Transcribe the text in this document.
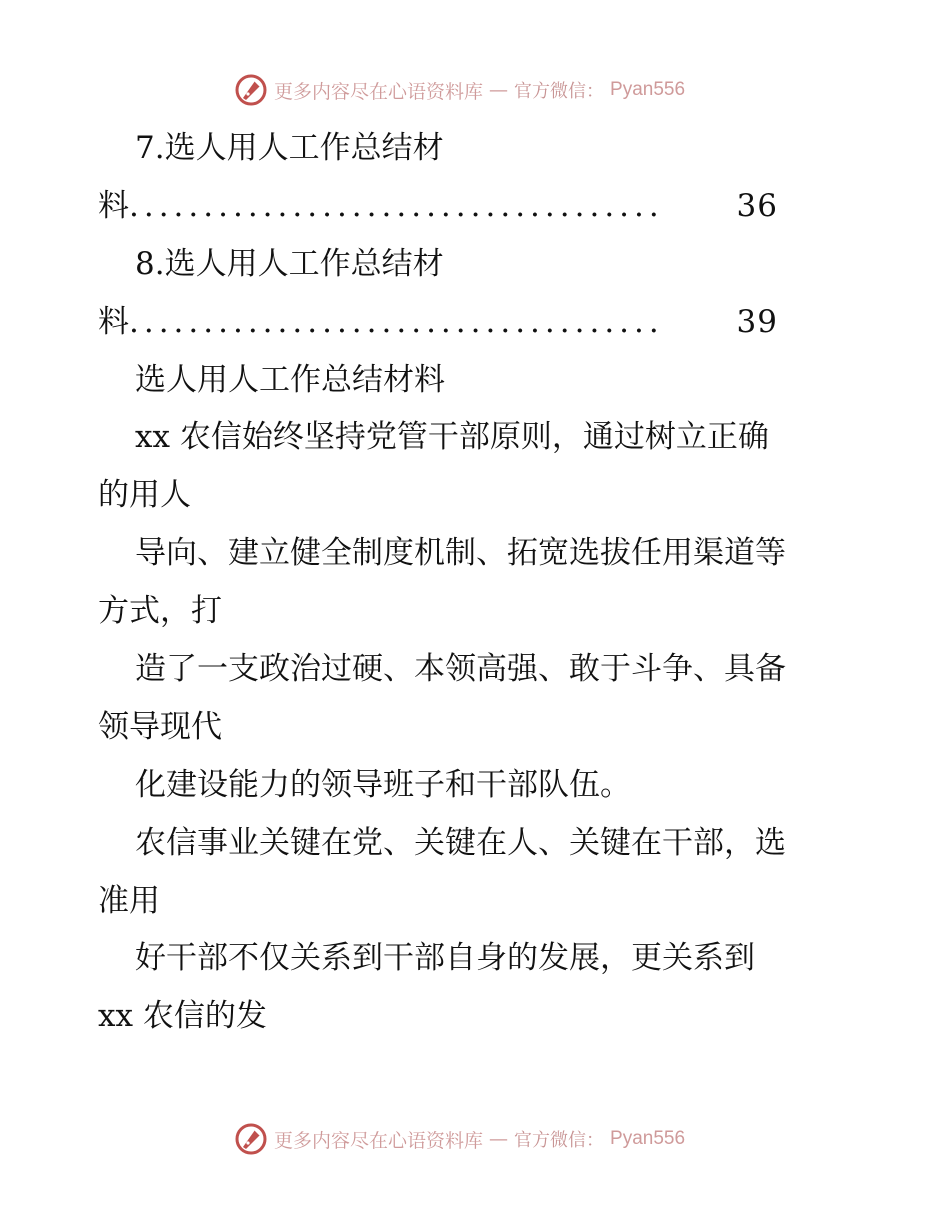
更多内容尽在心语资料库 — 官方微信： Pyan556
7.选人用人工作总结材
料 ....................................	36
8.选人用人工作总结材
料 ....................................	39
选人用人工作总结材料
xx 农信始终坚持党管干部原则，通过树立正确
的用人
导向、建立健全制度机制、拓宽选拔任用渠道等
方式，打
造了一支政治过硬、本领高强、敢于斗争、具备
领导现代
化建设能力的领导班子和干部队伍。
农信事业关键在党、关键在人、关键在干部，选
准用
好干部不仅关系到干部自身的发展，更关系到
xx 农信的发
更多内容尽在心语资料库 — 官方微信： Pyan556
